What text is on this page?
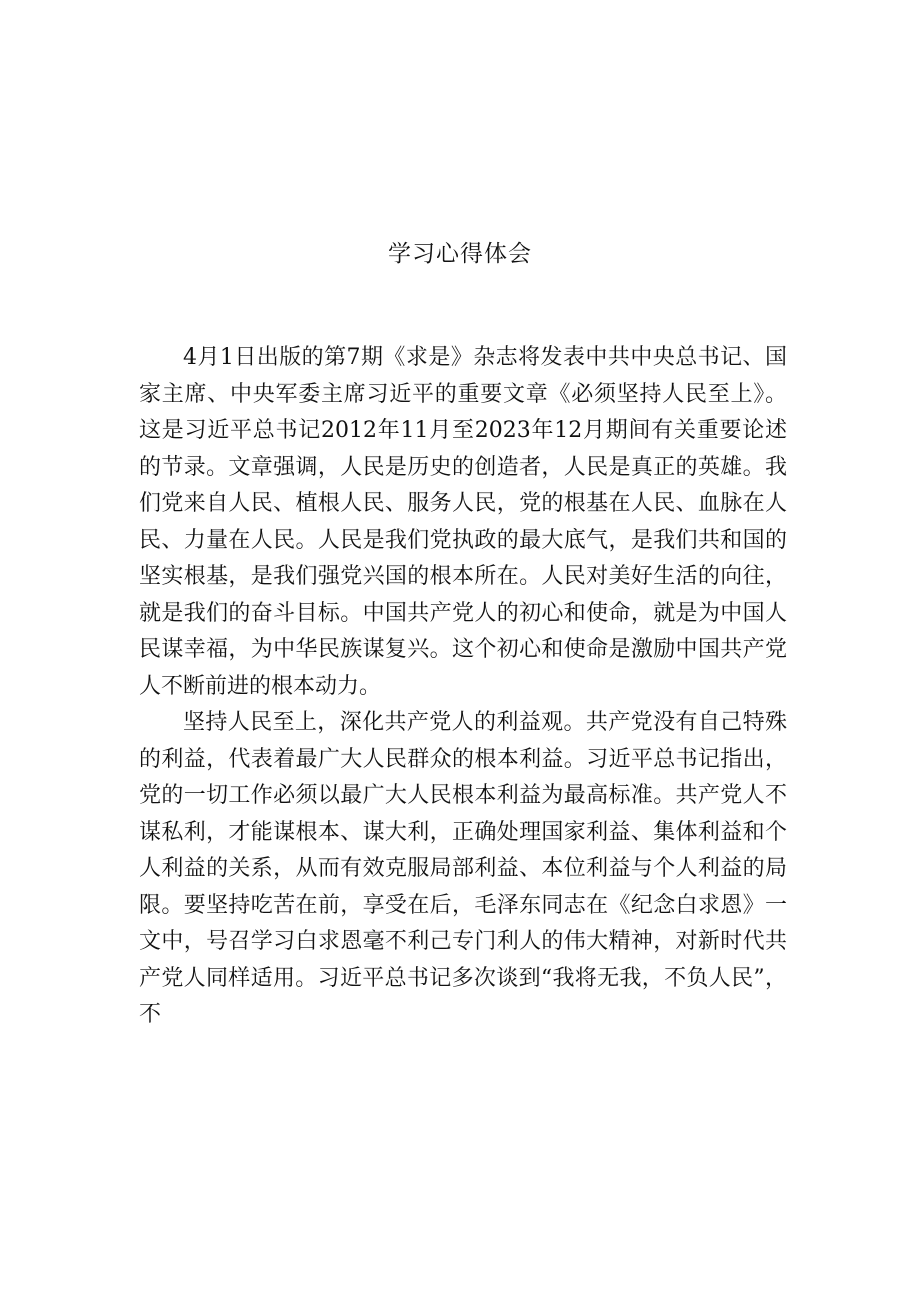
学习心得体会

4月1日出版的第7期《求是》杂志将发表中共中央总书记、国家主席、中央军委主席习近平的重要文章《必须坚持人民至上》。这是习近平总书记2012年11月至2023年12月期间有关重要论述的节录。文章强调，人民是历史的创造者，人民是真正的英雄。我们党来自人民、植根人民、服务人民，党的根基在人民、血脉在人民、力量在人民。人民是我们党执政的最大底气，是我们共和国的坚实根基，是我们强党兴国的根本所在。人民对美好生活的向往，就是我们的奋斗目标。中国共产党人的初心和使命，就是为中国人民谋幸福，为中华民族谋复兴。这个初心和使命是激励中国共产党人不断前进的根本动力。

坚持人民至上，深化共产党人的利益观。共产党没有自己特殊的利益，代表着最广大人民群众的根本利益。习近平总书记指出，党的一切工作必须以最广大人民根本利益为最高标准。共产党人不谋私利，才能谋根本、谋大利，正确处理国家利益、集体利益和个人利益的关系，从而有效克服局部利益、本位利益与个人利益的局限。要坚持吃苦在前，享受在后，毛泽东同志在《纪念白求恩》一文中，号召学习白求恩毫不利己专门利人的伟大精神，对新时代共产党人同样适用。习近平总书记多次谈到“我将无我，不负人民”，不
